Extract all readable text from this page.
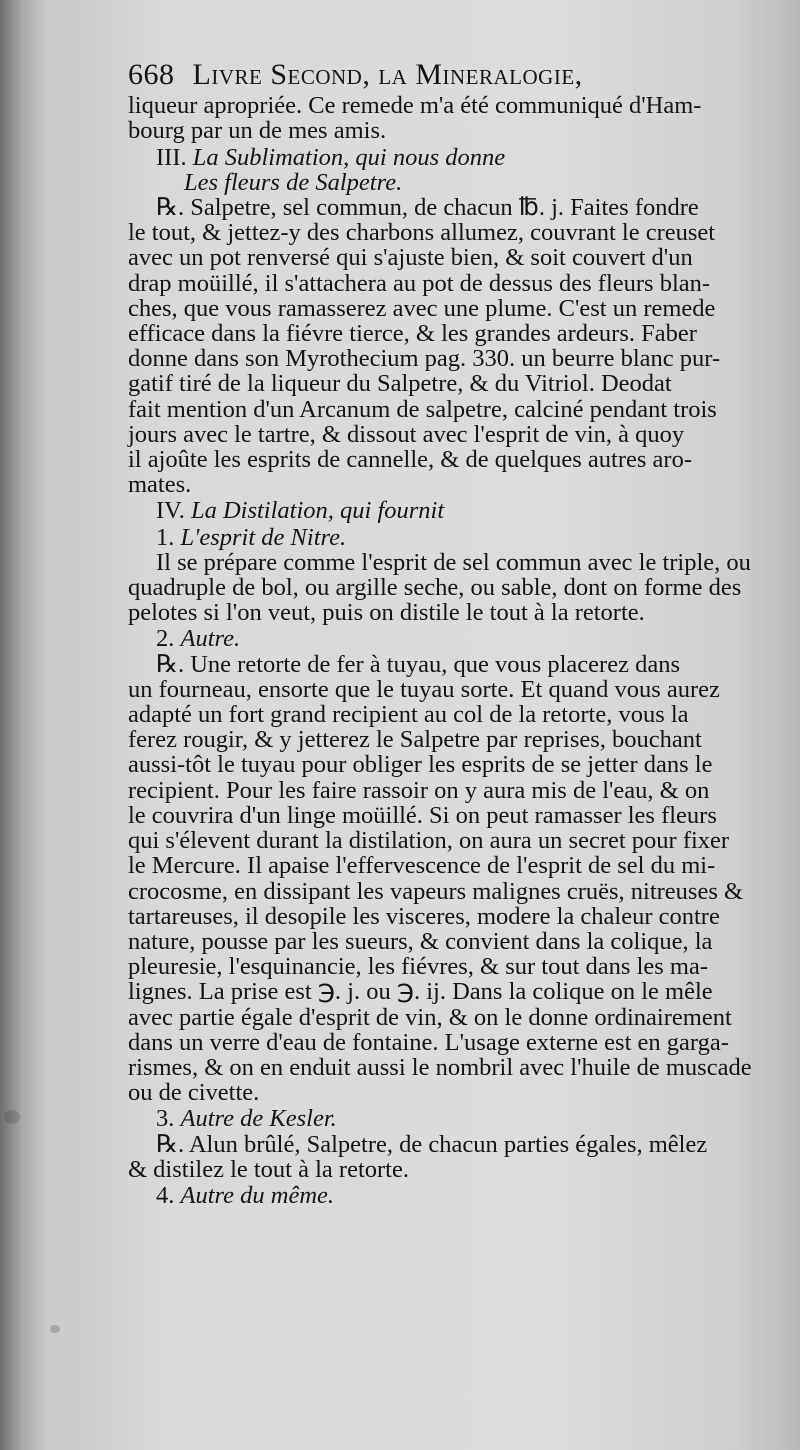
668 Livre Second, la Mineralogie,
liqueur apropriée. Ce remede m'a été communiqué d'Ham-
bourg par un de mes amis.
III. La Sublimation, qui nous donne
Les fleurs de Salpetre.
℞. Salpetre, sel commun, de chacun ℔. j. Faites fondre
le tout, & jettez-y des charbons allumez, couvrant le creuset
avec un pot renversé qui s'ajuste bien, & soit couvert d'un
drap moüillé, il s'attachera au pot de dessus des fleurs blan-
ches, que vous ramasserez avec une plume. C'est un remede
efficace dans la fiévre tierce, & les grandes ardeurs. Faber
donne dans son Myrothecium pag. 330. un beurre blanc pur-
gatif tiré de la liqueur du Salpetre, & du Vitriol. Deodat
fait mention d'un Arcanum de salpetre, calciné pendant trois
jours avec le tartre, & dissout avec l'esprit de vin, à quoy
il ajoûte les esprits de cannelle, & de quelques autres aro-
mates.
IV. La Distilation, qui fournit
1. L'esprit de Nitre.
Il se prépare comme l'esprit de sel commun avec le triple, ou
quadruple de bol, ou argille seche, ou sable, dont on forme des
pelotes si l'on veut, puis on distile le tout à la retorte.
2. Autre.
℞. Une retorte de fer à tuyau, que vous placerez dans
un fourneau, ensorte que le tuyau sorte. Et quand vous aurez
adapté un fort grand recipient au col de la retorte, vous la
ferez rougir, & y jetterez le Salpetre par reprises, bouchant
aussi-tôt le tuyau pour obliger les esprits de se jetter dans le
recipient. Pour les faire rassoir on y aura mis de l'eau, & on
le couvrira d'un linge moüillé. Si on peut ramasser les fleurs
qui s'élevent durant la distilation, on aura un secret pour fixer
le Mercure. Il apaise l'effervescence de l'esprit de sel du mi-
crocosme, en dissipant les vapeurs malignes cruës, nitreuses &
tartareuses, il desopile les visceres, modere la chaleur contre
nature, pousse par les sueurs, & convient dans la colique, la
pleuresie, l'esquinancie, les fiévres, & sur tout dans les ma-
lignes. La prise est ℈. j. ou ℈. ij. Dans la colique on le mêle
avec partie égale d'esprit de vin, & on le donne ordinairement
dans un verre d'eau de fontaine. L'usage externe est en garga-
rismes, & on en enduit aussi le nombril avec l'huile de muscade
ou de civette.
3. Autre de Kesler.
℞. Alun brûlé, Salpetre, de chacun parties égales, mêlez
& distilez le tout à la retorte.
4. Autre du même.
